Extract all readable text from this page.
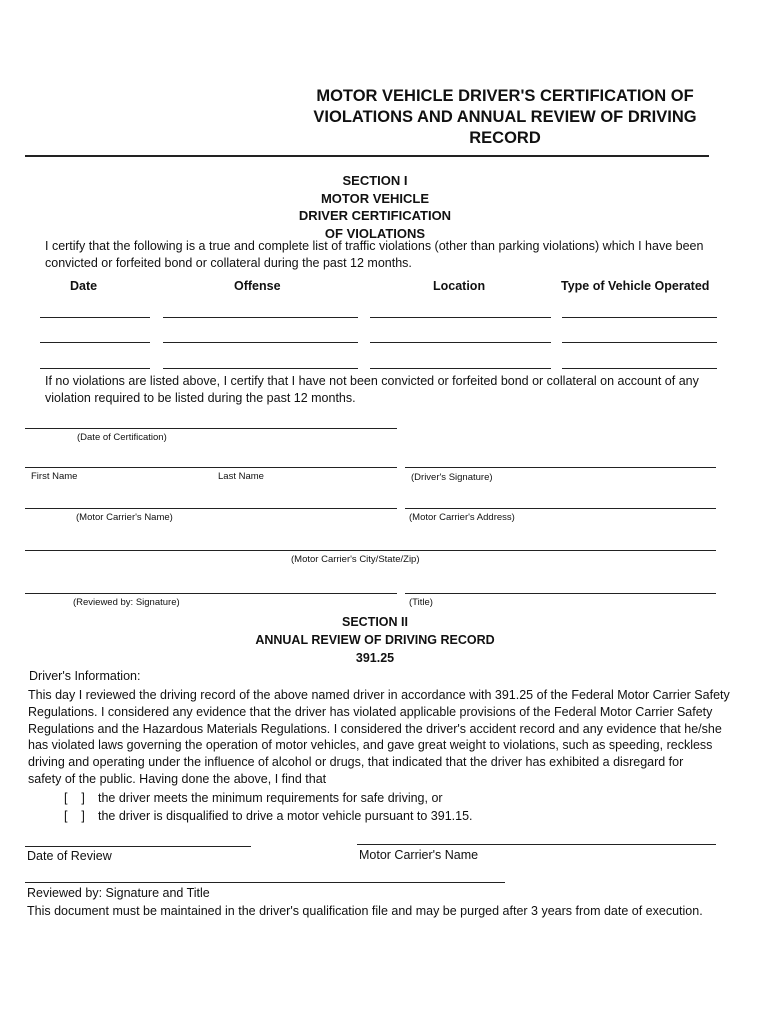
MOTOR VEHICLE DRIVER'S CERTIFICATION OF
VIOLATIONS AND ANNUAL REVIEW OF DRIVING
RECORD
SECTION I
MOTOR VEHICLE
DRIVER CERTIFICATION
OF VIOLATIONS
I certify that the following is a true and complete list of traffic violations (other than parking violations) which I have been
convicted or forfeited bond or collateral during the past 12 months.
Date	Offense	Location	Type of Vehicle Operated
If no violations are listed above, I certify that I have not been convicted or forfeited bond or collateral on account of any
violation required to be listed during the past 12 months.
(Date of Certification)
First Name	Last Name	(Driver's Signature)
(Motor Carrier's Name)	(Motor Carrier's Address)
(Motor Carrier's City/State/Zip)
(Reviewed by: Signature)	(Title)
SECTION II
ANNUAL REVIEW OF DRIVING RECORD
391.25
Driver's Information:
This day I reviewed the driving record of the above named driver in accordance with 391.25 of the Federal Motor Carrier Safety
Regulations. I considered any evidence that the driver has violated applicable provisions of the Federal Motor Carrier Safety
Regulations and the Hazardous Materials Regulations. I considered the driver's accident record and any evidence that he/she
has violated laws governing the operation of motor vehicles, and gave great weight to violations, such as speeding, reckless
driving and operating under the influence of alcohol or drugs, that indicated that the driver has exhibited a disregard for
safety of the public. Having done the above, I find that
[    ] the driver meets the minimum requirements for safe driving, or
[    ] the driver is disqualified to drive a motor vehicle pursuant to 391.15.
Date of Review	Motor Carrier's Name
Reviewed by: Signature and Title
This document must be maintained in the driver's qualification file and may be purged after 3 years from date of execution.
